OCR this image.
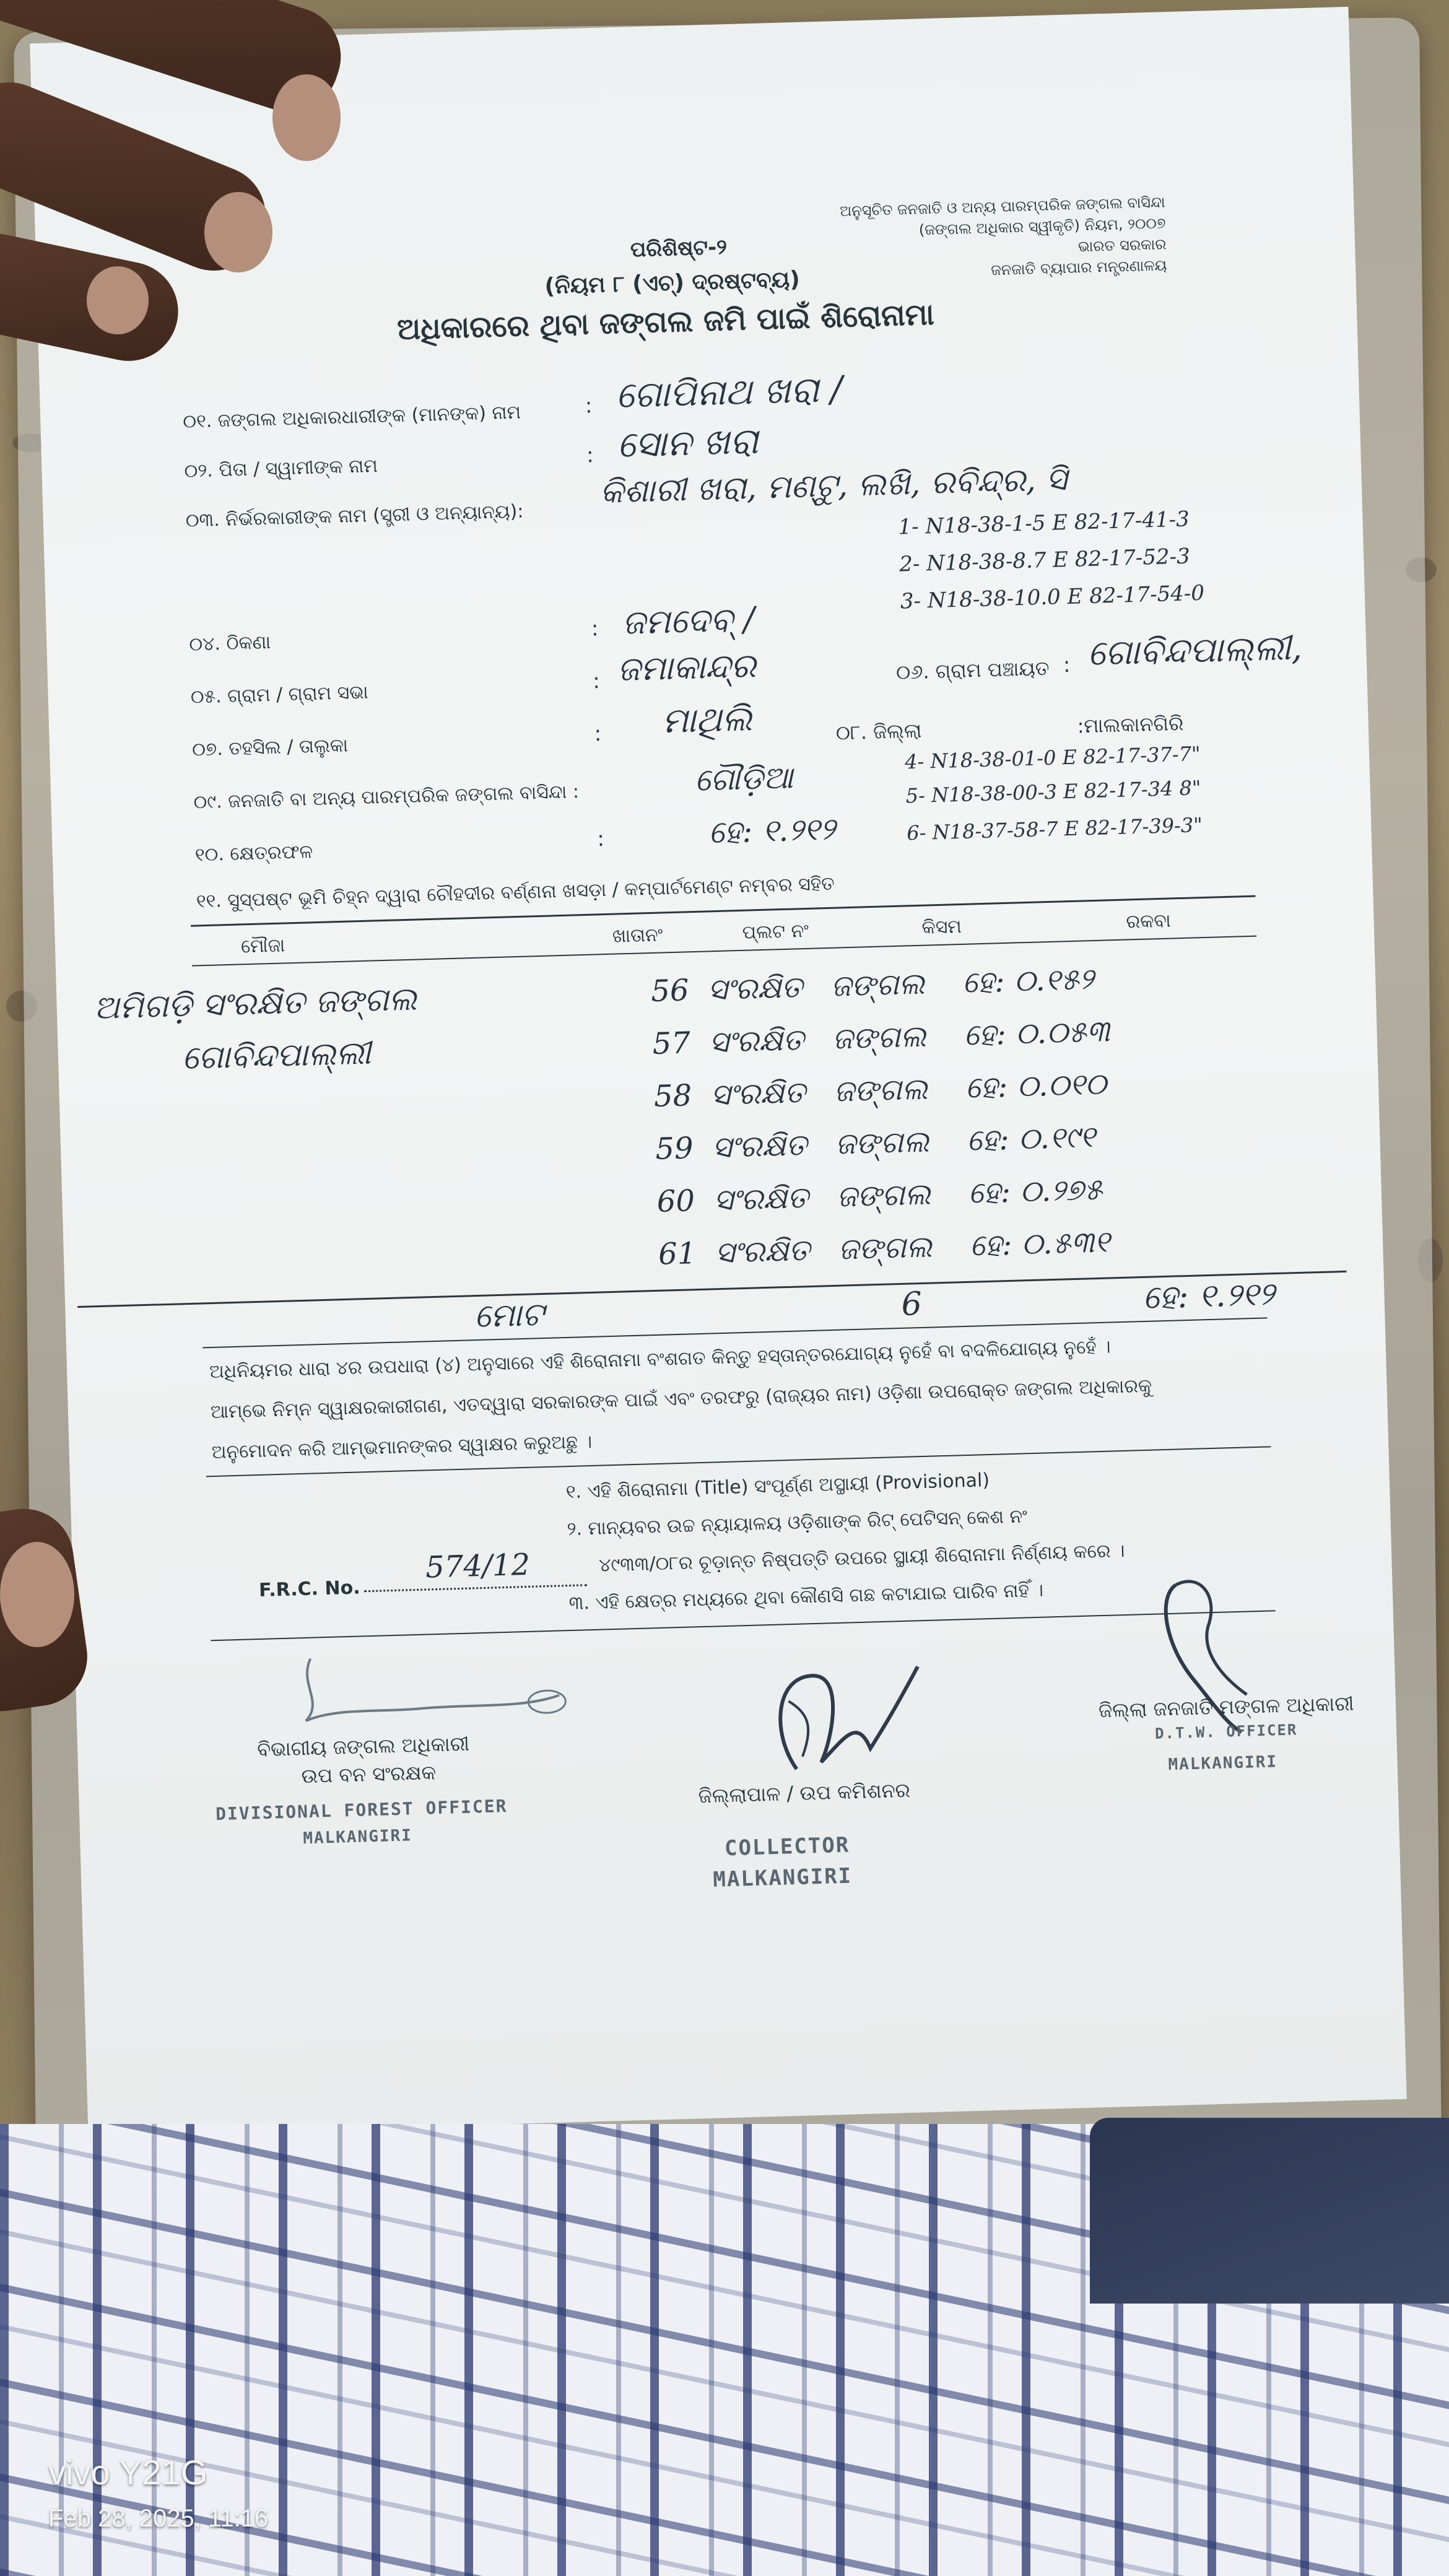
ପରିଶିଷ୍ଟ-୨
(ନିୟମ ୮ (ଏଚ୍) ଦ୍ରଷ୍ଟବ୍ୟ)
ଅଧିକାରରେ ଥିବା ଜଙ୍ଗଲ ଜମି ପାଇଁ ଶିରୋନାମା
ଅନୁସୂଚିତ ଜନଜାତି ଓ ଅନ୍ୟ ପାରମ୍ପରିକ ଜଙ୍ଗଲ ବାସିନ୍ଦା
(ଜଙ୍ଗଲ ଅଧିକାର ସ୍ୱୀକୃତି) ନିୟମ, ୨୦୦୭
ଭାରତ ସରକାର
ଜନଜାତି ବ୍ୟାପାର ମନ୍ତ୍ରଣାଳୟ
୦୧. ଜଙ୍ଗଲ ଅଧିକାରଧାରୀଙ୍କ (ମାନଙ୍କ) ନାମ	: ଗୋପିନାଥ ଖରା /
୦୨. ପିତା / ସ୍ୱାମୀଙ୍କ ନାମ	: ସୋନ ଖରା
୦୩. ନିର୍ଭରକାରୀଙ୍କ ନାମ (ସ୍ତ୍ରୀ ଓ ଅନ୍ୟାନ୍ୟ):
କିଶାରୀ ଖରା, ମଣ୍ଟୁ, ଲଖି, ରବିନ୍ଦ୍ର, ସି
1- N18-38-1-5 E 82-17-41-3
2- N18-38-8.7 E 82-17-52-3
3- N18-38-10.0 E 82-17-54-0
୦୪. ଠିକଣା
: ଜମଦେବ୍‌ /
୦୫. ଗ୍ରାମ / ଗ୍ରାମ ସଭା
: ଜମାକାନ୍ଦ୍ର	୦୬. ଗ୍ରାମ ପଞ୍ଚାୟତ : ଗୋବିନ୍ଦପାଲ୍ଲୀ,
୦୭. ତହସିଲ / ତାଲୁକା
: ମାଥିଲି	୦୮. ଜିଲ୍ଲା	:ମାଲକାନଗିରି
୦୯. ଜନଜାତି ବା ଅନ୍ୟ ପାରମ୍ପରିକ ଜଙ୍ଗଲ ବାସିନ୍ଦା :	ଗୌଡ଼ିଆ
4- N18-38-01-0 E 82-17-37-7"
5- N18-38-00-3 E 82-17-34 8"
6- N18-37-58-7 E 82-17-39-3"
୧୦. କ୍ଷେତ୍ରଫଳ
:	ହେ: ୧.୨୧୨
୧୧. ସୁସ୍ପଷ୍ଟ ଭୂମି ଚିହ୍ନ ଦ୍ୱାରା ଚୌହଦୀର ବର୍ଣ୍ଣନା ଖସଡ଼ା / କମ୍ପାର୍ଟମେଣ୍ଟ ନମ୍ବର ସହିତ
ମୌଜା	ଖାତାନଂ	ପ୍ଲଟ ନଂ	କିସମ	ରକବା
ଅମିଗଡ଼ି ସଂରକ୍ଷିତ ଜଙ୍ଗଲ
ଗୋବିନ୍ଦପାଲ୍ଲୀ
56 ସଂରକ୍ଷିତ ଜଙ୍ଗଲ ହେ: ୦.୧୫୨
57 ସଂରକ୍ଷିତ ଜଙ୍ଗଲ ହେ: ୦.୦୫୩
58 ସଂରକ୍ଷିତ ଜଙ୍ଗଲ ହେ: ୦.୦୧୦
59 ସଂରକ୍ଷିତ ଜଙ୍ଗଲ ହେ: ୦.୧୯୧
60 ସଂରକ୍ଷିତ ଜଙ୍ଗଲ ହେ: ୦.୨୭୫
61 ସଂରକ୍ଷିତ ଜଙ୍ଗଲ ହେ: ୦.୫୩୧
ମୋଟ	6	ହେ: ୧.୨୧୨
ଅଧିନିୟମର ଧାରା ୪ର ଉପଧାରା (୪) ଅନୁସାରେ ଏହି ଶିରୋନାମା ବଂଶଗତ କିନ୍ତୁ ହସ୍ତାନ୍ତରଯୋଗ୍ୟ ନୁହେଁ ବା ବଦଳିଯୋଗ୍ୟ ନୁହେଁ ।
ଆମ୍ଭେ ନିମ୍ନ ସ୍ୱାକ୍ଷରକାରୀଗଣ, ଏତଦ୍ୱାରା ସରକାରଙ୍କ ପାଇଁ ଏବଂ ତରଫରୁ (ରାଜ୍ୟର ନାମ) ଓଡ଼ିଶା ଉପରୋକ୍ତ ଜଙ୍ଗଲ ଅଧିକାରକୁ
ଅନୁମୋଦନ କରି ଆମ୍ଭମାନଙ୍କର ସ୍ୱାକ୍ଷର କରୁଅଛୁ ।
୧. ଏହି ଶିରୋନାମା (Title) ସଂପୂର୍ଣ୍ଣ ଅସ୍ଥାୟୀ (Provisional)
୨. ମାନ୍ୟବର ଉଚ୍ଚ ନ୍ୟାୟାଳୟ ଓଡ଼ିଶାଙ୍କ ରିଟ୍ ପେଟିସନ୍ କେଶ ନଂ
୪୯୩୩/୦୮ର ଚୂଡ଼ାନ୍ତ ନିଷ୍ପତ୍ତି ଉପରେ ସ୍ଥାୟୀ ଶିରୋନାମା ନିର୍ଣ୍ଣୟ କରେ ।
୩. ଏହି କ୍ଷେତ୍ର ମଧ୍ୟରେ ଥିବା କୌଣସି ଗଛ କଟାଯାଇ ପାରିବ ନାହିଁ ।
F.R.C. No.
574/12
ବିଭାଗୀୟ ଜଙ୍ଗଲ ଅଧିକାରୀ
ଉପ ବନ ସଂରକ୍ଷକ
DIVISIONAL FOREST OFFICER
MALKANGIRI
ଜିଲ୍ଲାପାଳ / ଉପ କମିଶନର
COLLECTOR
MALKANGIRI
ଜିଲ୍ଲା ଜନଜାତି ମଙ୍ଗଳ ଅଧିକାରୀ
D.T.W. OFFICER
MALKANGIRI
vivo Y21G
Feb 28, 2025, 11:16
